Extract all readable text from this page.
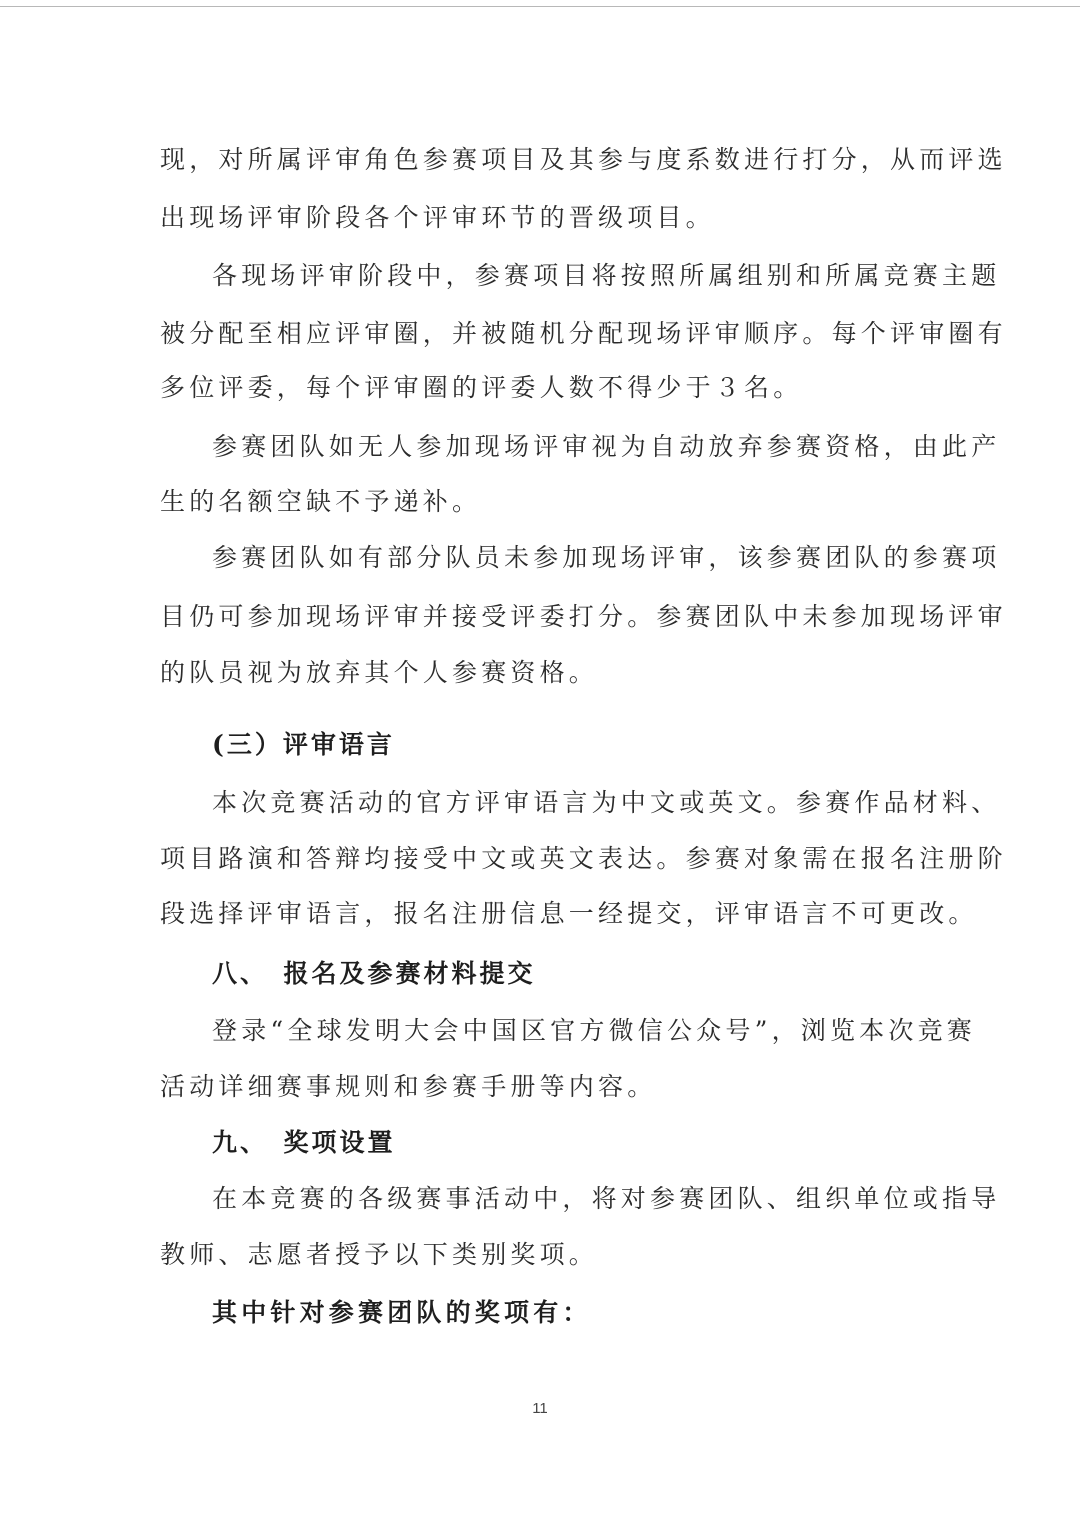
现，对所属评审角色参赛项目及其参与度系数进行打分，从而评选
出现场评审阶段各个评审环节的晋级项目。
各现场评审阶段中，参赛项目将按照所属组别和所属竞赛主题
被分配至相应评审圈，并被随机分配现场评审顺序。每个评审圈有
多位评委，每个评审圈的评委人数不得少于３名。
参赛团队如无人参加现场评审视为自动放弃参赛资格，由此产
生的名额空缺不予递补。
参赛团队如有部分队员未参加现场评审，该参赛团队的参赛项
目仍可参加现场评审并接受评委打分。参赛团队中未参加现场评审
的队员视为放弃其个人参赛资格。
(三）评审语言
本次竞赛活动的官方评审语言为中文或英文。参赛作品材料、
项目路演和答辩均接受中文或英文表达。参赛对象需在报名注册阶
段选择评审语言，报名注册信息一经提交，评审语言不可更改。
八、　报名及参赛材料提交
登录“全球发明大会中国区官方微信公众号”，浏览本次竞赛
活动详细赛事规则和参赛手册等内容。
九、　奖项设置
在本竞赛的各级赛事活动中，将对参赛团队、组织单位或指导
教师、志愿者授予以下类别奖项。
其中针对参赛团队的奖项有：
11
